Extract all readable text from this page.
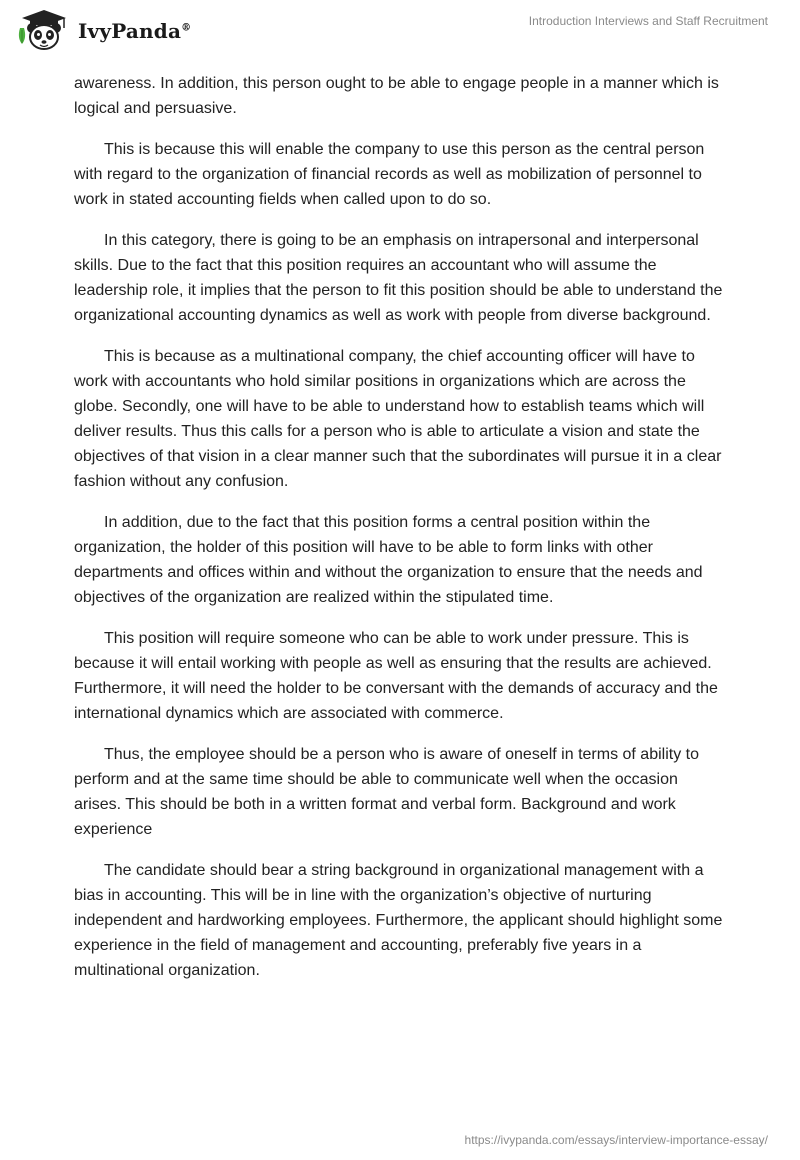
IvyPanda®	Introduction Interviews and Staff Recruitment

awareness. In addition, this person ought to be able to engage people in a manner which is logical and persuasive.

This is because this will enable the company to use this person as the central person with regard to the organization of financial records as well as mobilization of personnel to work in stated accounting fields when called upon to do so.

In this category, there is going to be an emphasis on intrapersonal and interpersonal skills. Due to the fact that this position requires an accountant who will assume the leadership role, it implies that the person to fit this position should be able to understand the organizational accounting dynamics as well as work with people from diverse background.

This is because as a multinational company, the chief accounting officer will have to work with accountants who hold similar positions in organizations which are across the globe. Secondly, one will have to be able to understand how to establish teams which will deliver results. Thus this calls for a person who is able to articulate a vision and state the objectives of that vision in a clear manner such that the subordinates will pursue it in a clear fashion without any confusion.

In addition, due to the fact that this position forms a central position within the organization, the holder of this position will have to be able to form links with other departments and offices within and without the organization to ensure that the needs and objectives of the organization are realized within the stipulated time.

This position will require someone who can be able to work under pressure. This is because it will entail working with people as well as ensuring that the results are achieved. Furthermore, it will need the holder to be conversant with the demands of accuracy and the international dynamics which are associated with commerce.

Thus, the employee should be a person who is aware of oneself in terms of ability to perform and at the same time should be able to communicate well when the occasion arises. This should be both in a written format and verbal form. Background and work experience

The candidate should bear a string background in organizational management with a bias in accounting. This will be in line with the organization’s objective of nurturing independent and hardworking employees. Furthermore, the applicant should highlight some experience in the field of management and accounting, preferably five years in a multinational organization.

https://ivypanda.com/essays/interview-importance-essay/
